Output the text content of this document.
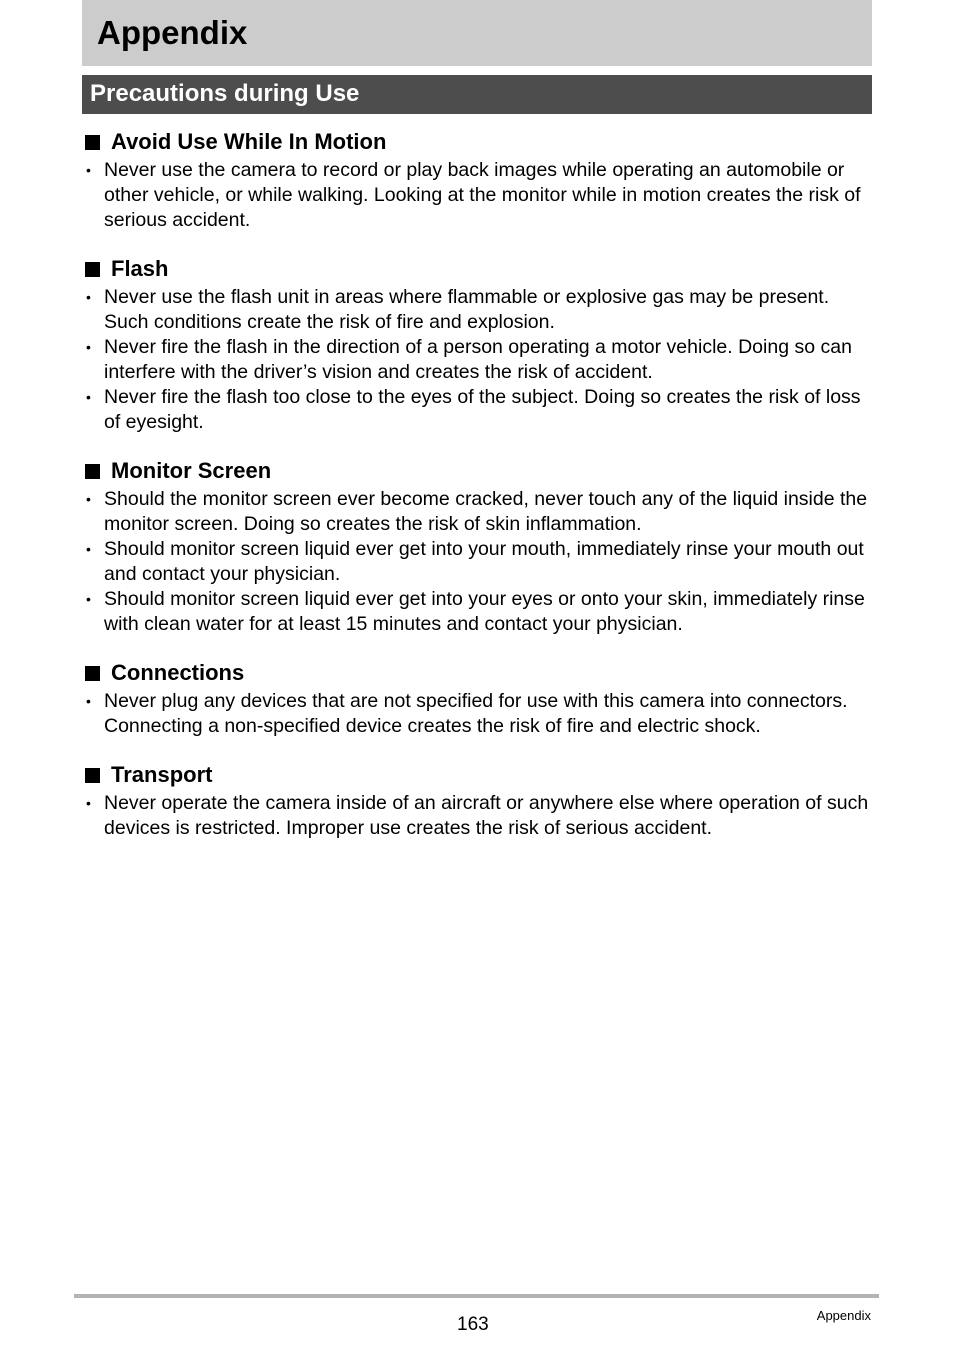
Appendix
Precautions during Use
Avoid Use While In Motion
• Never use the camera to record or play back images while operating an automobile or other vehicle, or while walking. Looking at the monitor while in motion creates the risk of serious accident.
Flash
• Never use the flash unit in areas where flammable or explosive gas may be present. Such conditions create the risk of fire and explosion.
• Never fire the flash in the direction of a person operating a motor vehicle. Doing so can interfere with the driver’s vision and creates the risk of accident.
• Never fire the flash too close to the eyes of the subject. Doing so creates the risk of loss of eyesight.
Monitor Screen
• Should the monitor screen ever become cracked, never touch any of the liquid inside the monitor screen. Doing so creates the risk of skin inflammation.
• Should monitor screen liquid ever get into your mouth, immediately rinse your mouth out and contact your physician.
• Should monitor screen liquid ever get into your eyes or onto your skin, immediately rinse with clean water for at least 15 minutes and contact your physician.
Connections
• Never plug any devices that are not specified for use with this camera into connectors. Connecting a non-specified device creates the risk of fire and electric shock.
Transport
• Never operate the camera inside of an aircraft or anywhere else where operation of such devices is restricted. Improper use creates the risk of serious accident.
163	Appendix
